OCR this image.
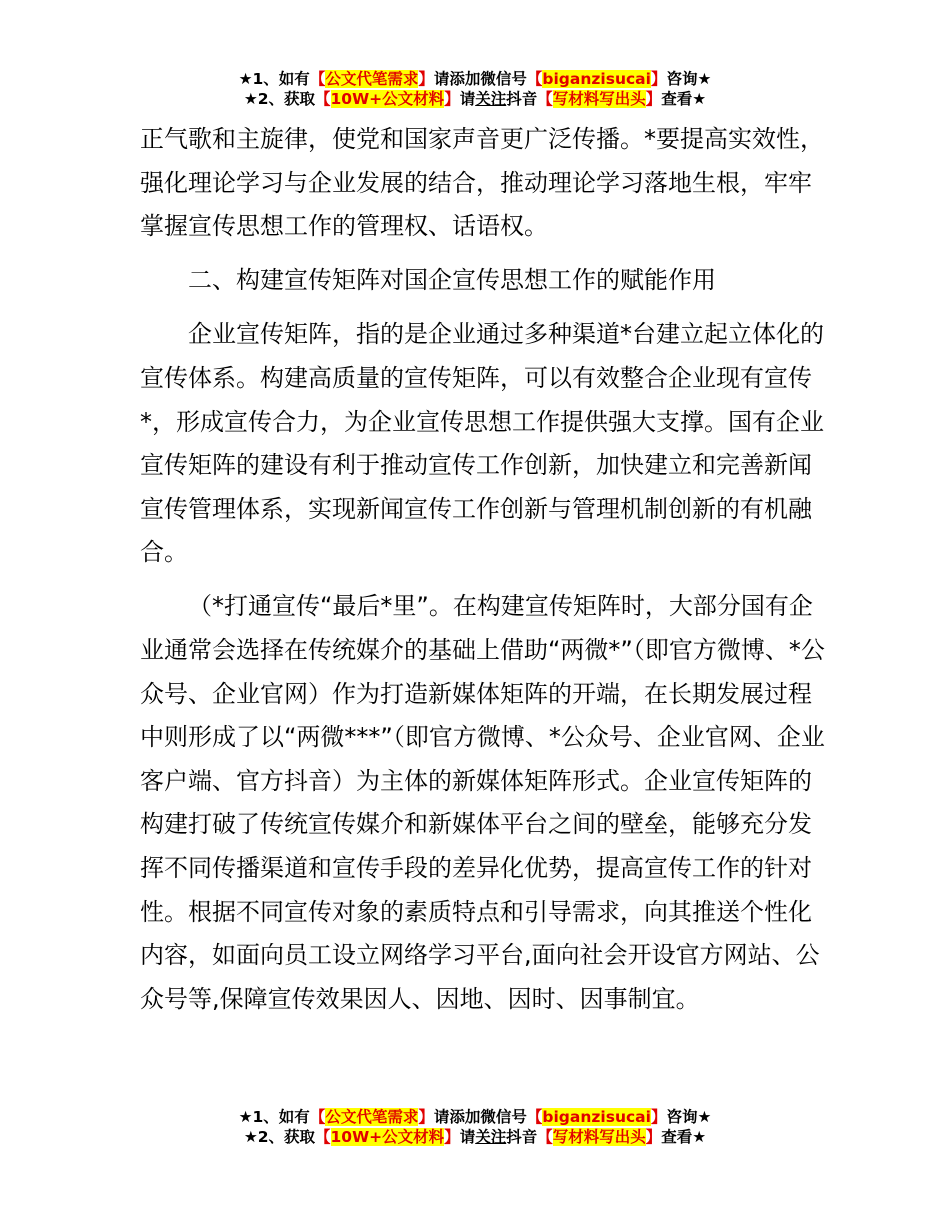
★1、如有【公文代笔需求】请添加微信号【biganzisucai】咨询★
★2、获取【10W+公文材料】请关注抖音【写材料写出头】查看★

正气歌和主旋律，使党和国家声音更广泛传播。*要提高实效性，强化理论学习与企业发展的结合，推动理论学习落地生根，牢牢掌握宣传思想工作的管理权、话语权。

二、构建宣传矩阵对国企宣传思想工作的赋能作用

企业宣传矩阵，指的是企业通过多种渠道*台建立起立体化的宣传体系。构建高质量的宣传矩阵，可以有效整合企业现有宣传*，形成宣传合力，为企业宣传思想工作提供强大支撑。国有企业宣传矩阵的建设有利于推动宣传工作创新，加快建立和完善新闻宣传管理体系，实现新闻宣传工作创新与管理机制创新的有机融合。

（*打通宣传“最后*里”。在构建宣传矩阵时，大部分国有企业通常会选择在传统媒介的基础上借助“两微*”（即官方微博、*公众号、企业官网）作为打造新媒体矩阵的开端，在长期发展过程中则形成了以“两微***”（即官方微博、*公众号、企业官网、企业客户端、官方抖音）为主体的新媒体矩阵形式。企业宣传矩阵的构建打破了传统宣传媒介和新媒体平台之间的壁垒，能够充分发挥不同传播渠道和宣传手段的差异化优势，提高宣传工作的针对性。根据不同宣传对象的素质特点和引导需求，向其推送个性化内容，如面向员工设立网络学习平台,面向社会开设官方网站、公众号等,保障宣传效果因人、因地、因时、因事制宜。

★1、如有【公文代笔需求】请添加微信号【biganzisucai】咨询★
★2、获取【10W+公文材料】请关注抖音【写材料写出头】查看★
